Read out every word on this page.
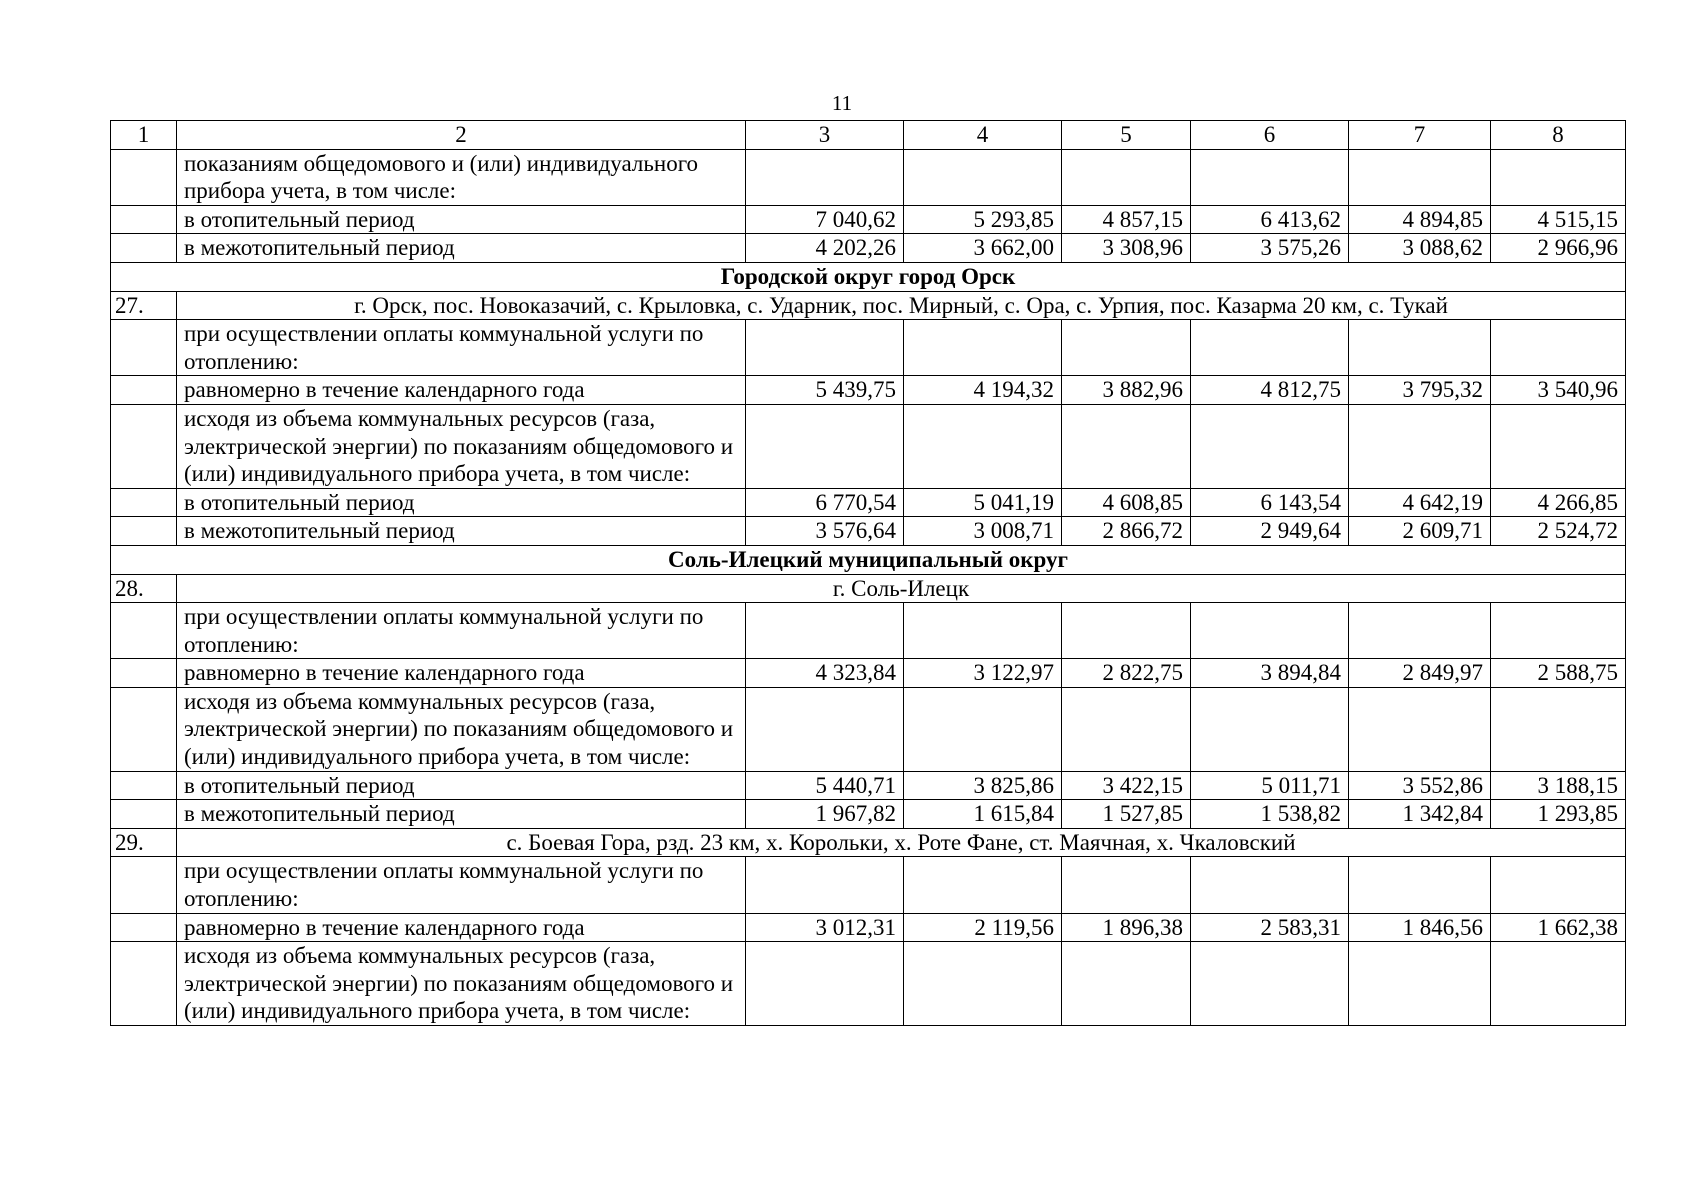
11
1	2	3	4	5	6	7	8
	показаниям общедомового и (или) индивидуального прибора учета, в том числе:						
	в отопительный период	7 040,62	5 293,85	4 857,15	6 413,62	4 894,85	4 515,15
	в межотопительный период	4 202,26	3 662,00	3 308,96	3 575,26	3 088,62	2 966,96
Городской округ город Орск							
27.	г. Орск, пос. Новоказачий, с. Крыловка, с. Ударник, пос. Мирный, с. Ора, с. Урпия, пос. Казарма 20 км, с. Тукай						
	при осуществлении оплаты коммунальной услуги по отоплению:						
	равномерно в течение календарного года	5 439,75	4 194,32	3 882,96	4 812,75	3 795,32	3 540,96
	исходя из объема коммунальных ресурсов (газа, электрической энергии) по показаниям общедомового и (или) индивидуального прибора учета, в том числе:						
	в отопительный период	6 770,54	5 041,19	4 608,85	6 143,54	4 642,19	4 266,85
	в межотопительный период	3 576,64	3 008,71	2 866,72	2 949,64	2 609,71	2 524,72
Соль-Илецкий муниципальный округ							
28.	г. Соль-Илецк						
	при осуществлении оплаты коммунальной услуги по отоплению:						
	равномерно в течение календарного года	4 323,84	3 122,97	2 822,75	3 894,84	2 849,97	2 588,75
	исходя из объема коммунальных ресурсов (газа, электрической энергии) по показаниям общедомового и (или) индивидуального прибора учета, в том числе:						
	в отопительный период	5 440,71	3 825,86	3 422,15	5 011,71	3 552,86	3 188,15
	в межотопительный период	1 967,82	1 615,84	1 527,85	1 538,82	1 342,84	1 293,85
29.	с. Боевая Гора, рзд. 23 км, х. Корольки, х. Роте Фане, ст. Маячная, х. Чкаловский						
	при осуществлении оплаты коммунальной услуги по отоплению:						
	равномерно в течение календарного года	3 012,31	2 119,56	1 896,38	2 583,31	1 846,56	1 662,38
	исходя из объема коммунальных ресурсов (газа, электрической энергии) по показаниям общедомового и (или) индивидуального прибора учета, в том числе:						
